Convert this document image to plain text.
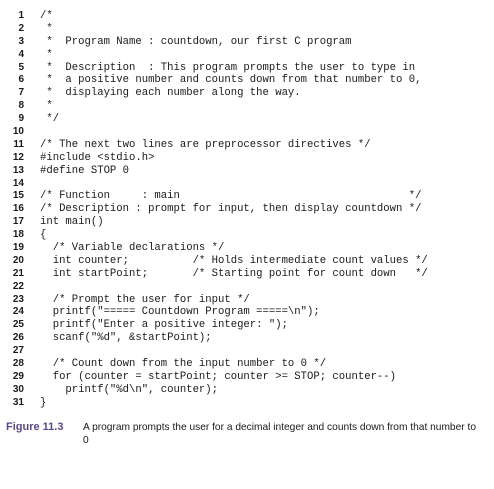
1 /*
2 *
3 *  Program Name : countdown, our first C program
4 *
5 *  Description  : This program prompts the user to type in
6 *  a positive number and counts down from that number to 0,
7 *  displaying each number along the way.
8 *
9 */
10
11 /* The next two lines are preprocessor directives */
12 #include <stdio.h>
13 #define STOP 0
14
15 /* Function     : main                                    */
16 /* Description : prompt for input, then display countdown */
17 int main()
18 {
19 /* Variable declarations */
20 int counter;          /* Holds intermediate count values */
21 int startPoint;       /* Starting point for count down   */
22
23 /* Prompt the user for input */
24 printf("===== Countdown Program =====\n");
25 printf("Enter a positive integer: ");
26 scanf("%d", &startPoint);
27
28 /* Count down from the input number to 0 */
29 for (counter = startPoint; counter >= STOP; counter--)
30 printf("%d\n", counter);
31 }
Figure 11.3 A program prompts the user for a decimal integer and counts down from that number to 0
